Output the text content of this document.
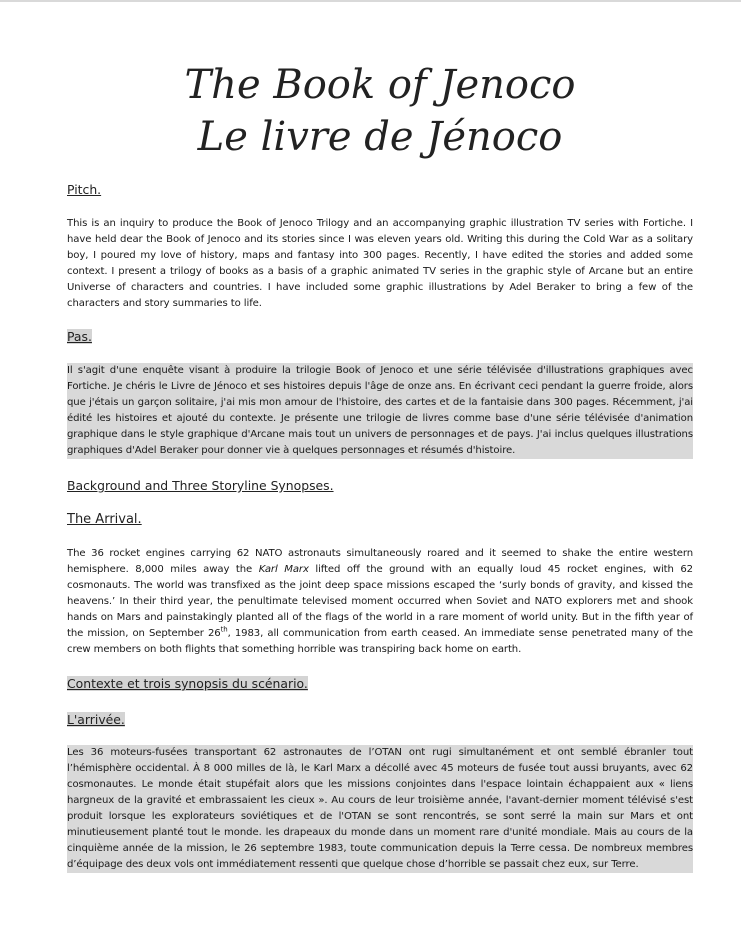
The Book of Jenoco
Le livre de Jénoco

Pitch.

This is an inquiry to produce the Book of Jenoco Trilogy and an accompanying graphic illustration TV series with Fortiche. I have held dear the Book of Jenoco and its stories since I was eleven years old. Writing this during the Cold War as a solitary boy, I poured my love of history, maps and fantasy into 300 pages. Recently, I have edited the stories and added some context. I present a trilogy of books as a basis of a graphic animated TV series in the graphic style of Arcane but an entire Universe of characters and countries. I have included some graphic illustrations by Adel Beraker to bring a few of the characters and story summaries to life.

Pas.

Il s'agit d'une enquête visant à produire la trilogie Book of Jenoco et une série télévisée d'illustrations graphiques avec Fortiche. Je chéris le Livre de Jénoco et ses histoires depuis l'âge de onze ans. En écrivant ceci pendant la guerre froide, alors que j'étais un garçon solitaire, j'ai mis mon amour de l'histoire, des cartes et de la fantaisie dans 300 pages. Récemment, j'ai édité les histoires et ajouté du contexte. Je présente une trilogie de livres comme base d'une série télévisée d'animation graphique dans le style graphique d'Arcane mais tout un univers de personnages et de pays. J'ai inclus quelques illustrations graphiques d'Adel Beraker pour donner vie à quelques personnages et résumés d'histoire.

Background and Three Storyline Synopses.

The Arrival.

The 36 rocket engines carrying 62 NATO astronauts simultaneously roared and it seemed to shake the entire western hemisphere. 8,000 miles away the Karl Marx lifted off the ground with an equally loud 45 rocket engines, with 62 cosmonauts. The world was transfixed as the joint deep space missions escaped the ‘surly bonds of gravity, and kissed the heavens.’ In their third year, the penultimate televised moment occurred when Soviet and NATO explorers met and shook hands on Mars and painstakingly planted all of the flags of the world in a rare moment of world unity. But in the fifth year of the mission, on September 26th, 1983, all communication from earth ceased. An immediate sense penetrated many of the crew members on both flights that something horrible was transpiring back home on earth.

Contexte et trois synopsis du scénario.

L'arrivée.

Les 36 moteurs-fusées transportant 62 astronautes de l’OTAN ont rugi simultanément et ont semblé ébranler tout l’hémisphère occidental. À 8 000 milles de là, le Karl Marx a décollé avec 45 moteurs de fusée tout aussi bruyants, avec 62 cosmonautes. Le monde était stupéfait alors que les missions conjointes dans l'espace lointain échappaient aux « liens hargneux de la gravité et embrassaient les cieux ». Au cours de leur troisième année, l'avant-dernier moment télévisé s'est produit lorsque les explorateurs soviétiques et de l'OTAN se sont rencontrés, se sont serré la main sur Mars et ont minutieusement planté tout le monde. les drapeaux du monde dans un moment rare d'unité mondiale. Mais au cours de la cinquième année de la mission, le 26 septembre 1983, toute communication depuis la Terre cessa. De nombreux membres d’équipage des deux vols ont immédiatement ressenti que quelque chose d’horrible se passait chez eux, sur Terre.
